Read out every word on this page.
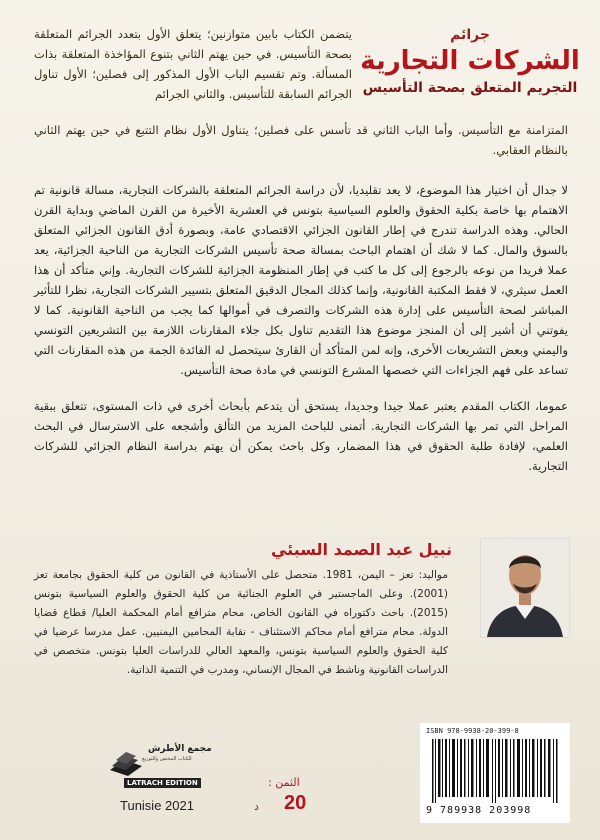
جرائم
الشركات التجارية
التجريم المتعلق بصحة التأسيس
يتضمن الكتاب بابين متوازنين؛ يتعلق الأول بتعدد الجرائم المتعلقة بصحة التأسيس. في حين يهتم الثاني بتنوع المؤاخذة المتعلقة بذات المسألة. وتم تقسيم الباب الأول المذكور إلى فصلين؛ الأول تناول الجرائم السابقة للتأسيس. والثاني الجرائم
المتزامنة مع التأسيس. وأما الباب الثاني قد تأسس على فصلين؛ يتناول الأول نظام التتبع في حين يهتم الثاني بالنظام العقابي.
لا جدال أن اختيار هذا الموضوع، لا يعد تقليديا، لأن دراسة الجرائم المتعلقة بالشركات التجارية، مسالة قانونية تم الاهتمام بها خاصة بكلية الحقوق والعلوم السياسية بتونس في العشرية الأخيرة من القرن الماضي وبداية القرن الحالي. وهذه الدراسة تندرج في إطار القانون الجزائي الاقتصادي عامة، وبصورة أدق القانون الجزائي المتعلق بالسوق والمال. كما لا شك أن اهتمام الباحث بمسالة صحة تأسيس الشركات التجارية من الناحية الجزائية، يعد عملا فريدا من نوعه بالرجوع إلى كل ما كتب في إطار المنظومة الجزائية للشركات التجارية. وإني متأكد أن هذا العمل سيثري، لا فقط المكتبة القانونية، وإنما كذلك المجال الدقيق المتعلق بتسيير الشركات التجارية، نظرا للتأثير المباشر لصحة التأسيس على إدارة هذه الشركات والتصرف في أموالها كما يجب من الناحية القانونية. كما لا يفوتني أن أشير إلى أن المنجز موضوع هذا التقديم تناول بكل جلاء المقارنات اللازمة بين التشريعين التونسي واليمني وبعض التشريعات الأخرى، وإنه لمن المتأكد أن القارئ سيتحصل له الفائدة الجمة من هذه المقارنات التي تساعد على فهم الجزاءات التي خصصها المشرع التونسي في مادة صحة التأسيس.
عموما، الكتاب المقدم يعتبر عملا جيدا وجديدا، يستحق أن يتدعم بأبحاث أخرى في ذات المستوى، تتعلق ببقية المراحل التي تمر بها الشركات التجارية. أتمنى للباحث المزيد من التألق وأشجعه على الاسترسال في البحث العلمي، لإفادة طلبة الحقوق في هذا المضمار، وكل باحث يمكن أن يهتم بدراسة النظام الجزائي للشركات التجارية.
نبيل عبد الصمد السبئي
مواليد: تعز – اليمن، 1981. متحصل على الأستاذية في القانون من كلية الحقوق بجامعة تعز (2001). وعلى الماجستير في العلوم الجنائية من كلية الحقوق والعلوم السياسية بتونس (2015). باحث دكتوراه في القانون الخاص، محام مترافع أمام المحكمة العليا/ قطاع قضايا الدولة. محام مترافع أمام محاكم الاستئناف - نقابة المحامين اليمنيين. عمل مدرسا عرضيا في كلية الحقوق والعلوم السياسية بتونس، والمعهد العالي للدراسات العليا بتونس. متخصص في الدراسات القانونية وناشط في المجال الإنساني، ومدرب في التنمية الذاتية.
ISBN 978-9938-20-399-8
9 789938 203998
الثمن :
20
د
مجمع الأطرش
للكتاب المختص وللتوزيع
LATRACH EDITION
Tunisie 2021
